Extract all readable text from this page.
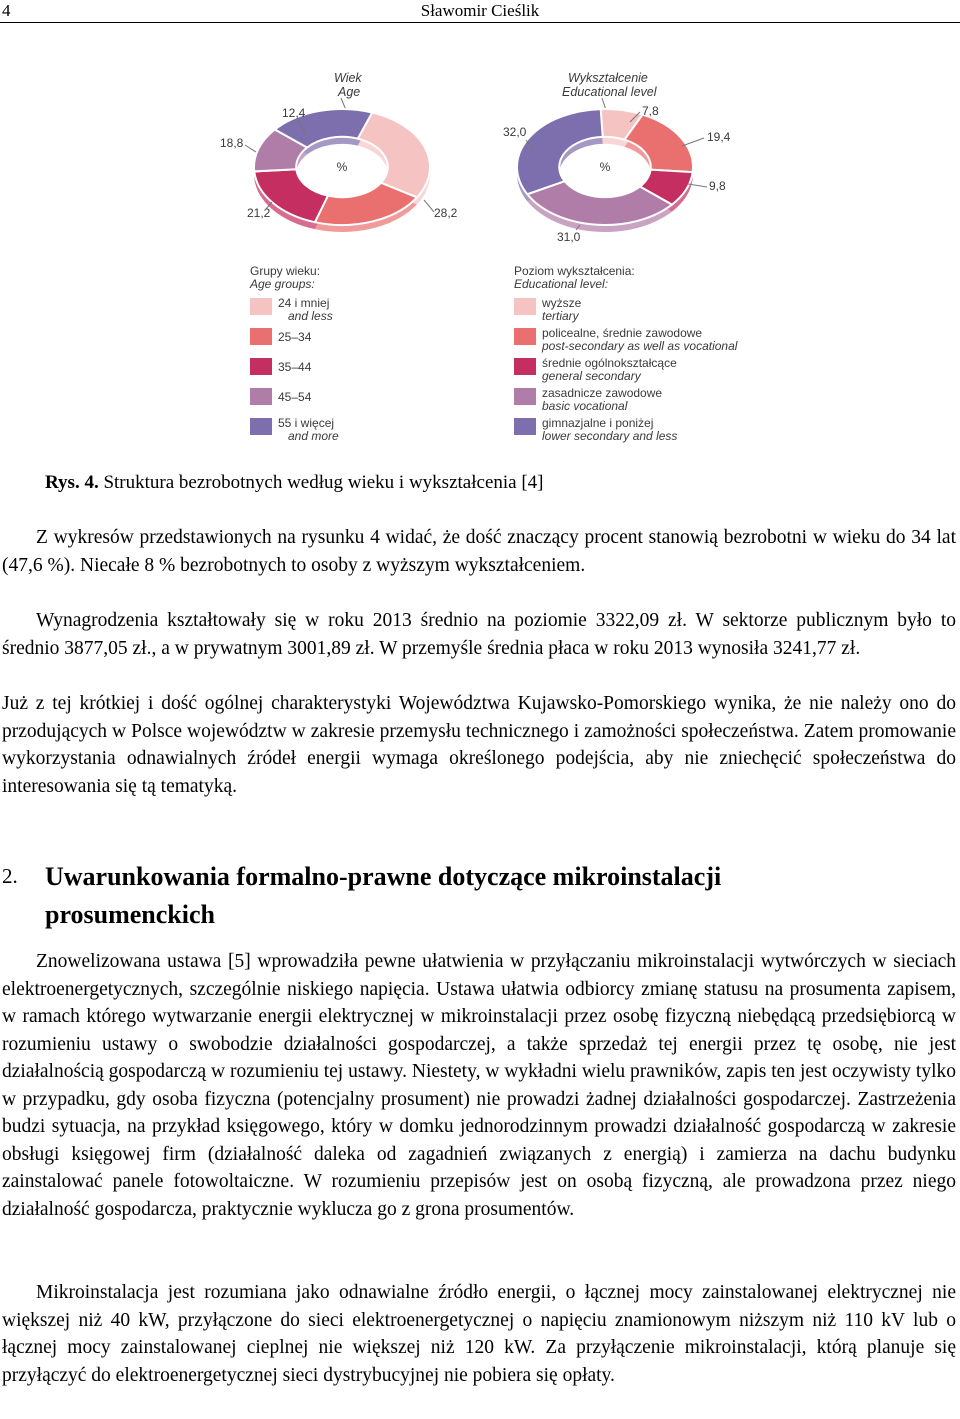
4	Sławomir Cieślik
Wiek
Age
%
12,4
28,2
21,2
18,8
Wykształcenie
Educational level
%
7,8
19,4
9,8
31,0
32,0
Grupy wieku:
Age groups:
24 i mniej
and less
25–34
35–44
45–54
55 i więcej
and more
Poziom wykształcenia:
Educational level:
wyższe
tertiary
policealne, średnie zawodowe
post-secondary as well as vocational
średnie ogólnokształcące
general secondary
zasadnicze zawodowe
basic vocational
gimnazjalne i poniżej
lower secondary and less
Rys. 4. Struktura bezrobotnych według wieku i wykształcenia [4]

Z wykresów przedstawionych na rysunku 4 widać, że dość znaczący procent stanowią bezrobotni w wieku do 34 lat (47,6 %). Niecałe 8 % bezrobotnych to osoby z wyższym wykształceniem.

Wynagrodzenia kształtowały się w roku 2013 średnio na poziomie 3322,09 zł. W sektorze publicznym było to średnio 3877,05 zł., a w prywatnym 3001,89 zł. W przemyśle średnia płaca w roku 2013 wynosiła 3241,77 zł.

Już z tej krótkiej i dość ogólnej charakterystyki Województwa Kujawsko-Pomorskiego wynika, że nie należy ono do przodujących w Polsce województw w zakresie przemysłu technicznego i zamożności społeczeństwa. Zatem promowanie wykorzystania odnawialnych źródeł energii wymaga określonego podejścia, aby nie zniechęcić społeczeństwa do interesowania się tą tematyką.

2. Uwarunkowania formalno-prawne dotyczące mikroinstalacji prosumenckich

Znowelizowana ustawa [5] wprowadziła pewne ułatwienia w przyłączaniu mikroinstalacji wytwórczych w sieciach elektroenergetycznych, szczególnie niskiego napięcia. Ustawa ułatwia odbiorcy zmianę statusu na prosumenta zapisem, w ramach którego wytwarzanie energii elektrycznej w mikroinstalacji przez osobę fizyczną niebędącą przedsiębiorcą w rozumieniu ustawy o swobodzie działalności gospodarczej, a także sprzedaż tej energii przez tę osobę, nie jest działalnością gospodarczą w rozumieniu tej ustawy. Niestety, w wykładni wielu prawników, zapis ten jest oczywisty tylko w przypadku, gdy osoba fizyczna (potencjalny prosument) nie prowadzi żadnej działalności gospodarczej. Zastrzeżenia budzi sytuacja, na przykład księgowego, który w domku jednorodzinnym prowadzi działalność gospodarczą w zakresie obsługi księgowej firm (działalność daleka od zagadnień związanych z energią) i zamierza na dachu budynku zainstalować panele fotowoltaiczne. W rozumieniu przepisów jest on osobą fizyczną, ale prowadzona przez niego działalność gospodarcza, praktycznie wyklucza go z grona prosumentów.

Mikroinstalacja jest rozumiana jako odnawialne źródło energii, o łącznej mocy zainstalowanej elektrycznej nie większej niż 40 kW, przyłączone do sieci elektroenergetycznej o napięciu znamionowym niższym niż 110 kV lub o łącznej mocy zainstalowanej cieplnej nie większej niż 120 kW. Za przyłączenie mikroinstalacji, którą planuje się przyłączyć do elektroenergetycznej sieci dystrybucyjnej nie pobiera się opłaty.
